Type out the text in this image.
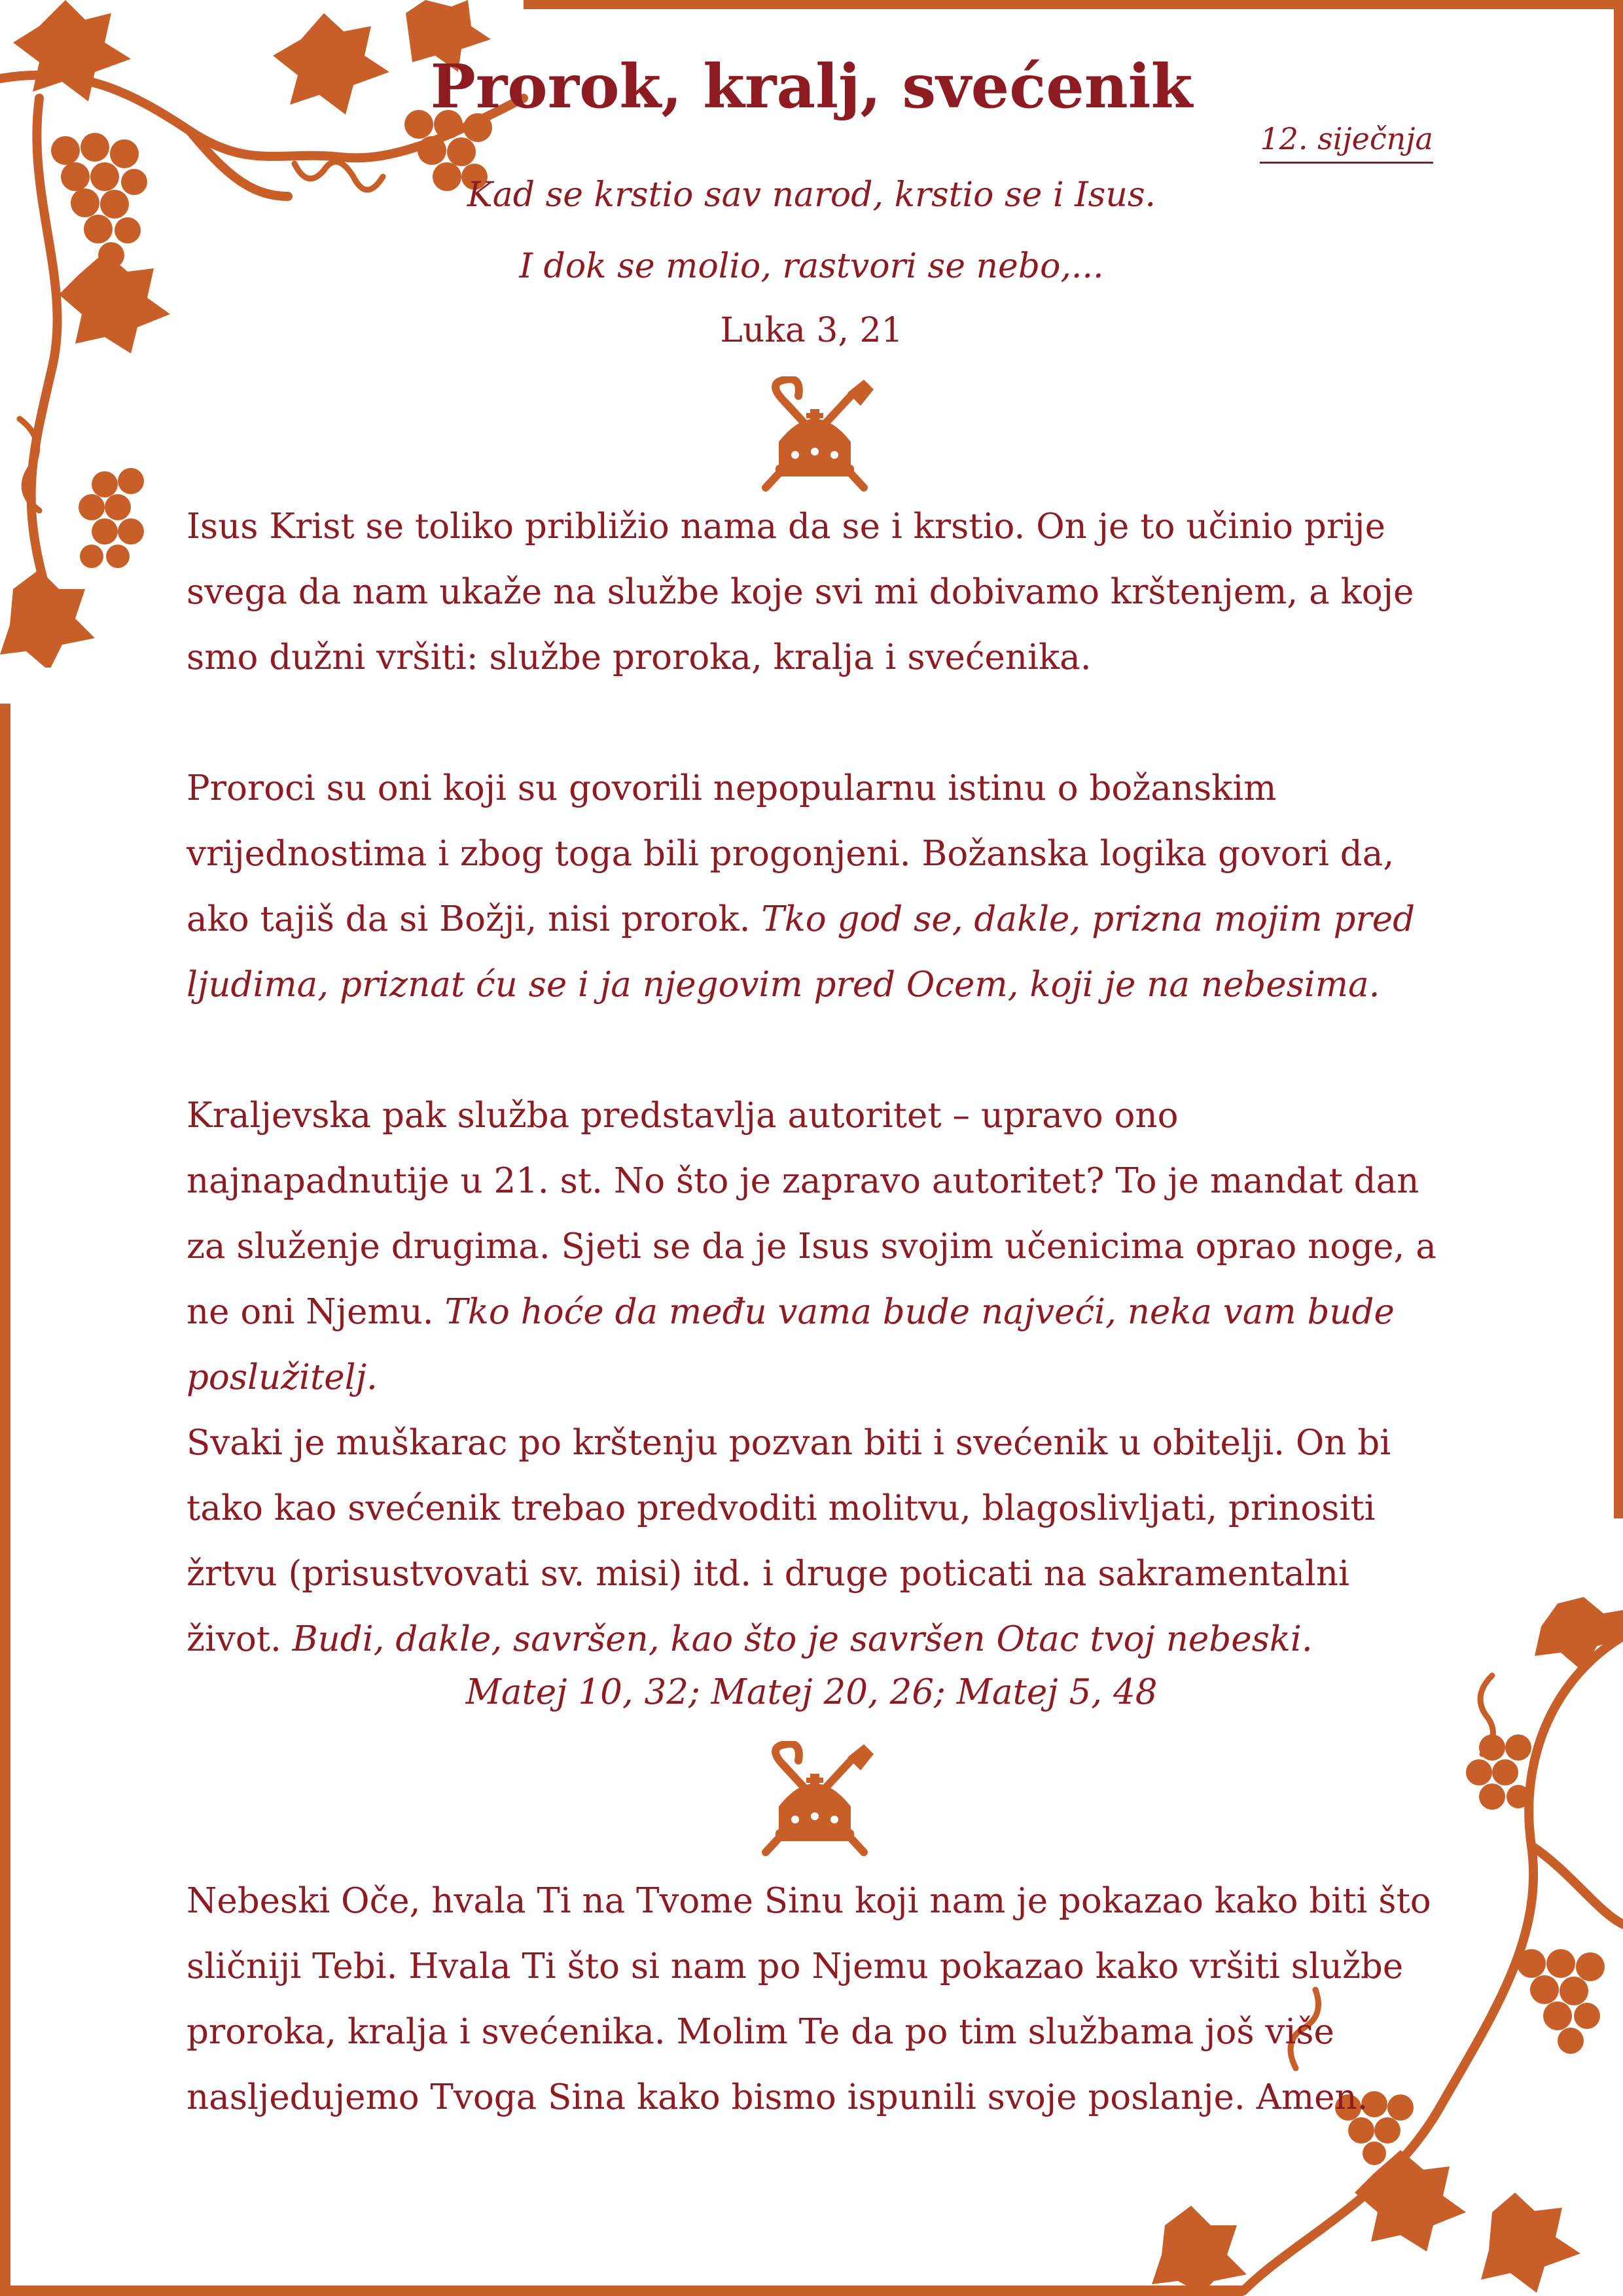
Prorok, kralj, svećenik
12. siječnja
Kad se krstio sav narod, krstio se i Isus.
I dok se molio, rastvori se nebo,...
Luka 3, 21
Isus Krist se toliko približio nama da se i krstio. On je to učinio prije svega da nam ukaže na službe koje svi mi dobivamo krštenjem, a koje smo dužni vršiti: službe proroka, kralja i svećenika.
Proroci su oni koji su govorili nepopularnu istinu o božanskim vrijednostima i zbog toga bili progonjeni. Božanska logika govori da, ako tajiš da si Božji, nisi prorok. Tko god se, dakle, prizna mojim pred ljudima, priznat ću se i ja njegovim pred Ocem, koji je na nebesima.
Kraljevska pak služba predstavlja autoritet – upravo ono najnapadnutije u 21. st. No što je zapravo autoritet? To je mandat dan za služenje drugima. Sjeti se da je Isus svojim učenicima oprao noge, a ne oni Njemu. Tko hoće da među vama bude najveći, neka vam bude poslužitelj.
Svaki je muškarac po krštenju pozvan biti i svećenik u obitelji. On bi tako kao svećenik trebao predvoditi molitvu, blagoslivljati, prinositi žrtvu (prisustvovati sv. misi) itd. i druge poticati na sakramentalni život. Budi, dakle, savršen, kao što je savršen Otac tvoj nebeski.
Matej 10, 32; Matej 20, 26; Matej 5, 48
Nebeski Oče, hvala Ti na Tvome Sinu koji nam je pokazao kako biti što sličniji Tebi. Hvala Ti što si nam po Njemu pokazao kako vršiti službe proroka, kralja i svećenika. Molim Te da po tim službama još više nasljedujemo Tvoga Sina kako bismo ispunili svoje poslanje. Amen.
